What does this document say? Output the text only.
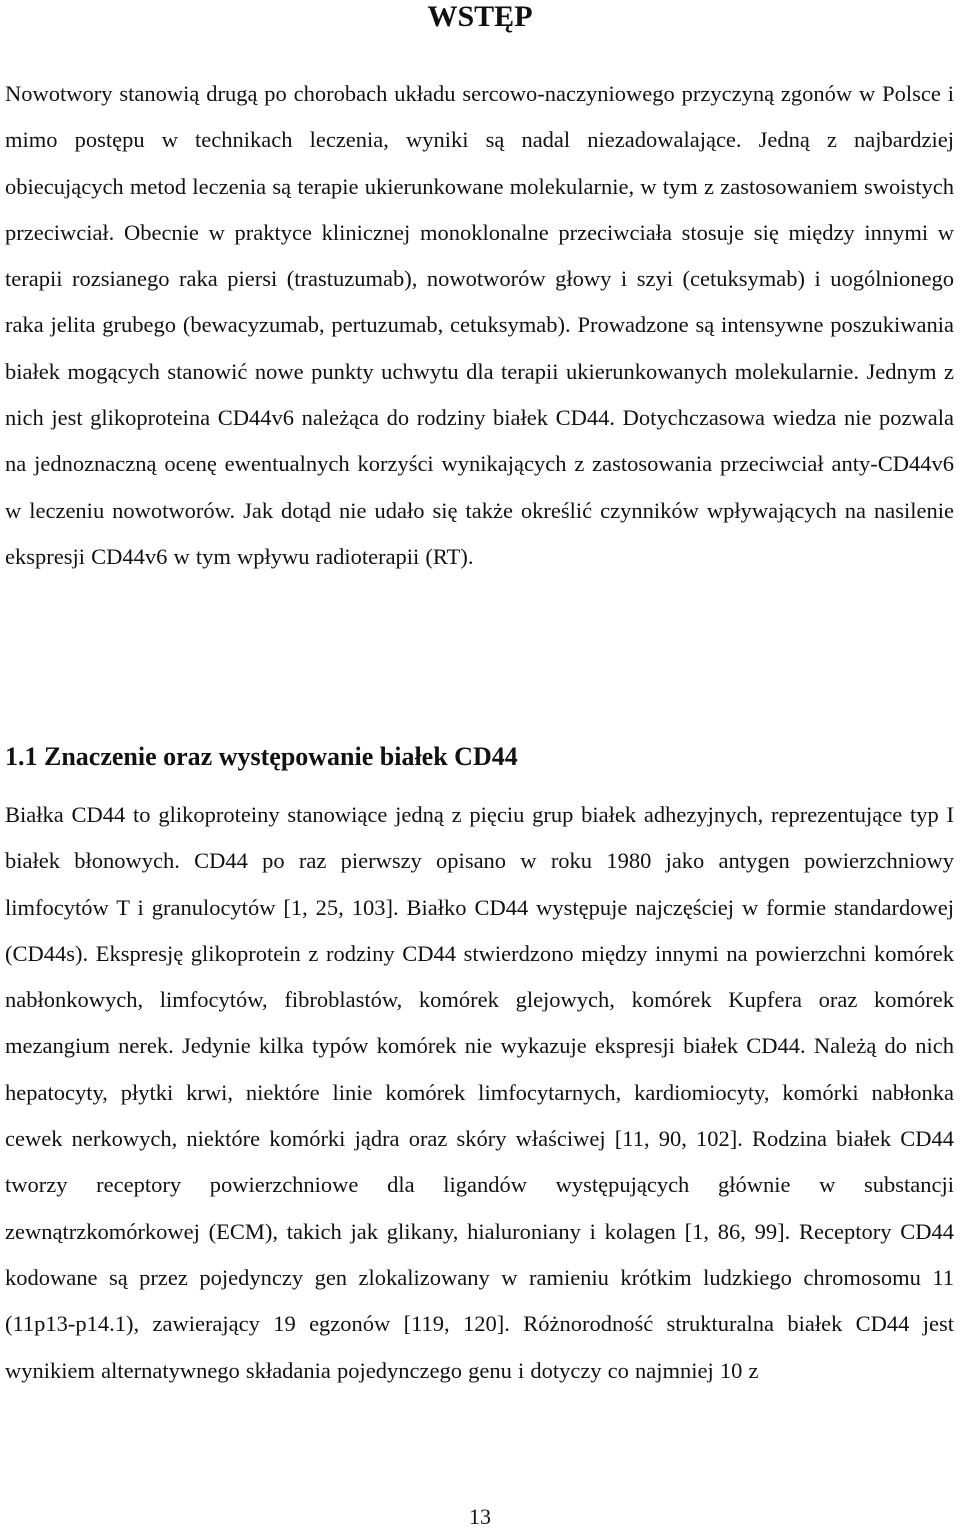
WSTĘP

Nowotwory stanowią drugą po chorobach układu sercowo-naczyniowego przyczyną zgonów w Polsce i mimo postępu w technikach leczenia, wyniki są nadal niezadowalające. Jedną z najbardziej obiecujących metod leczenia są terapie ukierunkowane molekularnie, w tym z zastosowaniem swoistych przeciwciał. Obecnie w praktyce klinicznej monoklonalne przeciwciała stosuje się między innymi w terapii rozsianego raka piersi (trastuzumab), nowotworów głowy i szyi (cetuksymab) i uogólnionego raka jelita grubego (bewacyzumab, pertuzumab, cetuksymab). Prowadzone są intensywne poszukiwania białek mogących stanowić nowe punkty uchwytu dla terapii ukierunkowanych molekularnie. Jednym z nich jest glikoproteina CD44v6 należąca do rodziny białek CD44. Dotychczasowa wiedza nie pozwala na jednoznaczną ocenę ewentualnych korzyści wynikających z zastosowania przeciwciał anty-CD44v6 w leczeniu nowotworów. Jak dotąd nie udało się także określić czynników wpływających na nasilenie ekspresji CD44v6 w tym wpływu radioterapii (RT).

1.1 Znaczenie oraz występowanie białek CD44

Białka CD44 to glikoproteiny stanowiące jedną z pięciu grup białek adhezyjnych, reprezentujące typ I białek błonowych. CD44 po raz pierwszy opisano w roku 1980 jako antygen powierzchniowy limfocytów T i granulocytów [1, 25, 103]. Białko CD44 występuje najczęściej w formie standardowej (CD44s). Ekspresję glikoprotein z rodziny CD44 stwierdzono między innymi na powierzchni komórek nabłonkowych, limfocytów, fibroblastów, komórek glejowych, komórek Kupfera oraz komórek mezangium nerek. Jedynie kilka typów komórek nie wykazuje ekspresji białek CD44. Należą do nich hepatocyty, płytki krwi, niektóre linie komórek limfocytarnych, kardiomiocyty, komórki nabłonka cewek nerkowych, niektóre komórki jądra oraz skóry właściwej [11, 90, 102]. Rodzina białek CD44 tworzy receptory powierzchniowe dla ligandów występujących głównie w substancji zewnątrzkomórkowej (ECM), takich jak glikany, hialuroniany i kolagen [1, 86, 99]. Receptory CD44 kodowane są przez pojedynczy gen zlokalizowany w ramieniu krótkim ludzkiego chromosomu 11 (11p13-p14.1), zawierający 19 egzonów [119, 120]. Różnorodność strukturalna białek CD44 jest wynikiem alternatywnego składania pojedynczego genu i dotyczy co najmniej 10 z

13
